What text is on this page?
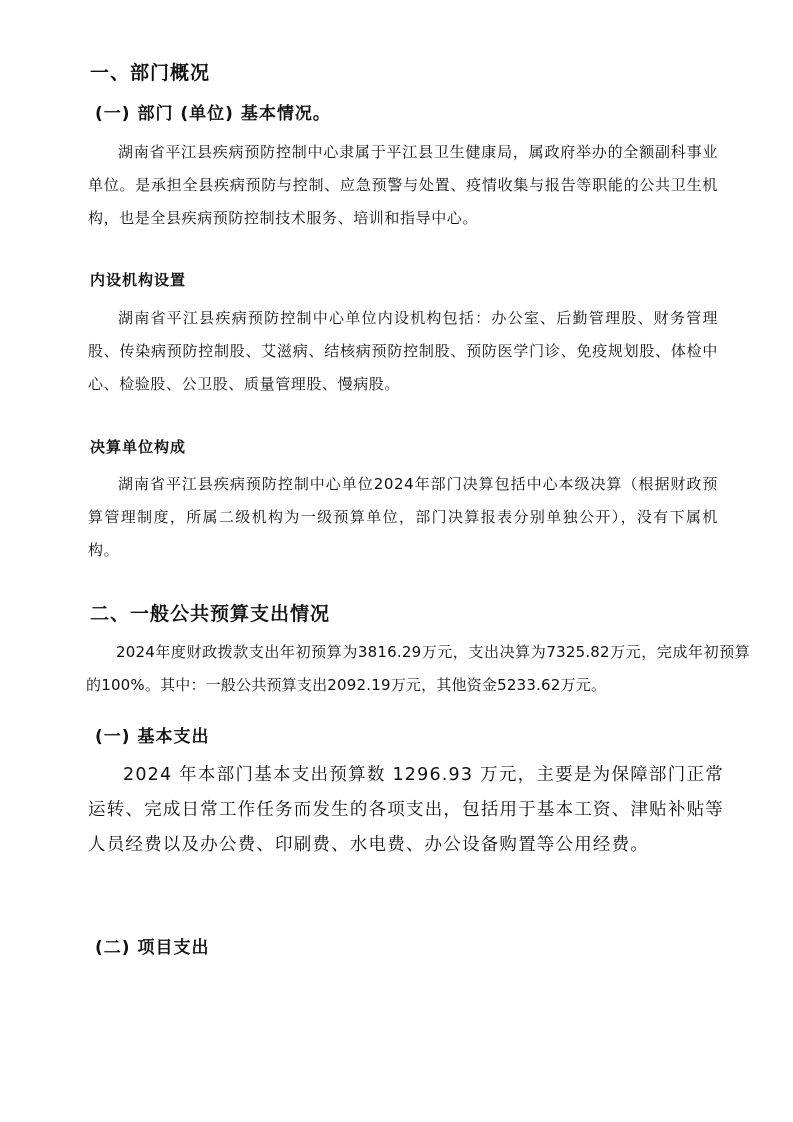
一、部门概况
(一) 部门 (单位) 基本情况。

湖南省平江县疾病预防控制中心隶属于平江县卫生健康局，属政府举办的全额副科事业单位。是承担全县疾病预防与控制、应急预警与处置、疫情收集与报告等职能的公共卫生机构，也是全县疾病预防控制技术服务、培训和指导中心。

内设机构设置

湖南省平江县疾病预防控制中心单位内设机构包括：办公室、后勤管理股、财务管理股、传染病预防控制股、艾滋病、结核病预防控制股、预防医学门诊、免疫规划股、体检中心、检验股、公卫股、质量管理股、慢病股。

决算单位构成

湖南省平江县疾病预防控制中心单位2024年部门决算包括中心本级决算（根据财政预算管理制度，所属二级机构为一级预算单位，部门决算报表分别单独公开），没有下属机构。

二、一般公共预算支出情况

2024年度财政拨款支出年初预算为3816.29万元，支出决算为7325.82万元，完成年初预算的100%。其中：一般公共预算支出2092.19万元，其他资金5233.62万元。

(一) 基本支出

2024 年本部门基本支出预算数 1296.93 万元，主要是为保障部门正常运转、完成日常工作任务而发生的各项支出，包括用于基本工资、津贴补贴等人员经费以及办公费、印刷费、水电费、办公设备购置等公用经费。

(二) 项目支出
